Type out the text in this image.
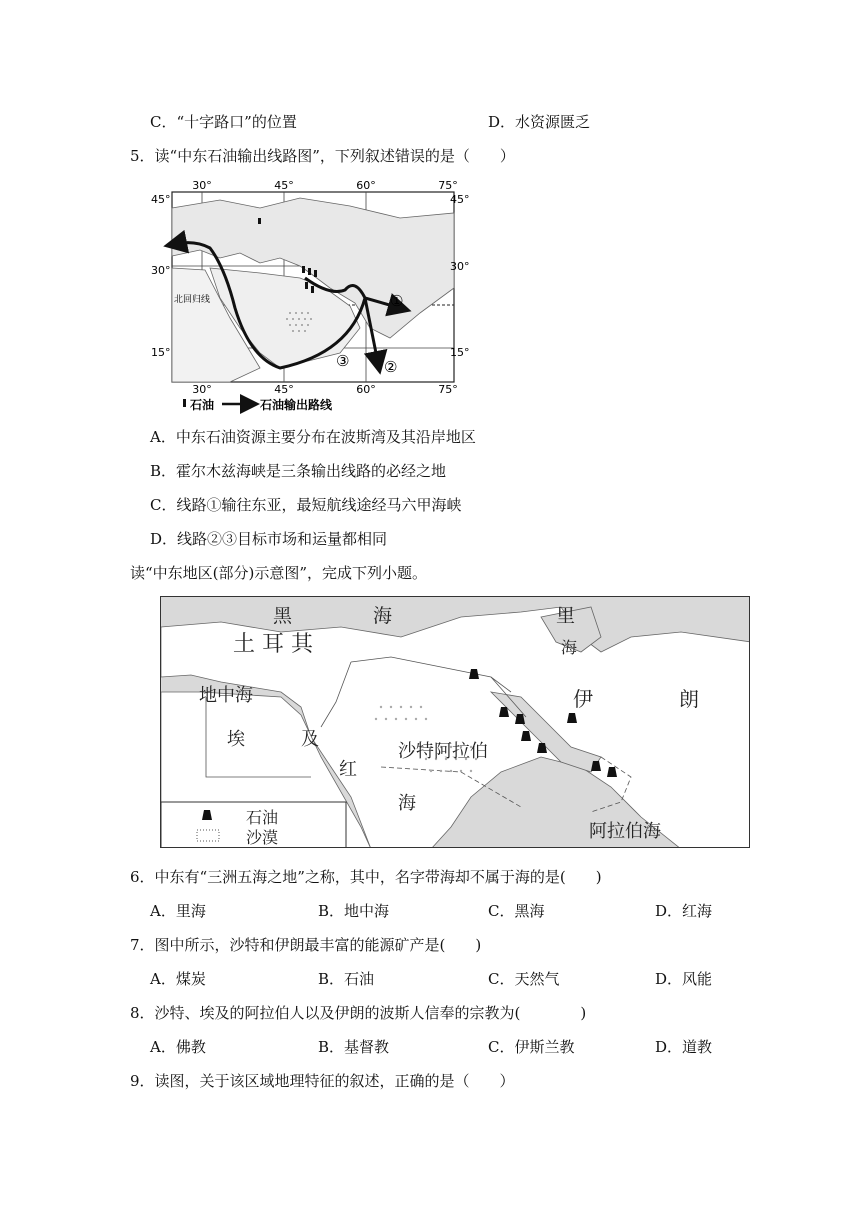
C．“十字路口”的位置	D．水资源匮乏
5．读“中东石油输出线路图”，下列叙述错误的是（　　）
30°	45°	60°	75°
30°	45°	60°	75°
45°
30°
15°
45°
30°
15°
北回归线	①
②
③
石油	石油输出路线
A．中东石油资源主要分布在波斯湾及其沿岸地区
B．霍尔木兹海峡是三条输出线路的必经之地
C．线路①输往东亚，最短航线途经马六甲海峡
D．线路②③目标市场和运量都相同
读“中东地区(部分)示意图”，完成下列小题。
黑	海	里
海
土 耳 其
地中海	伊	朗
埃	及
沙特阿拉伯
红
海
阿拉伯海
石油
沙漠
6．中东有“三洲五海之地”之称，其中，名字带海却不属于海的是(　　)
A．里海	B．地中海	C．黑海	D．红海
7．图中所示，沙特和伊朗最丰富的能源矿产是(　　)
A．煤炭	B．石油	C．天然气	D．风能
8．沙特、埃及的阿拉伯人以及伊朗的波斯人信奉的宗教为(　　　　)
A．佛教	B．基督教	C．伊斯兰教	D．道教
9．读图，关于该区域地理特征的叙述，正确的是（　　）
